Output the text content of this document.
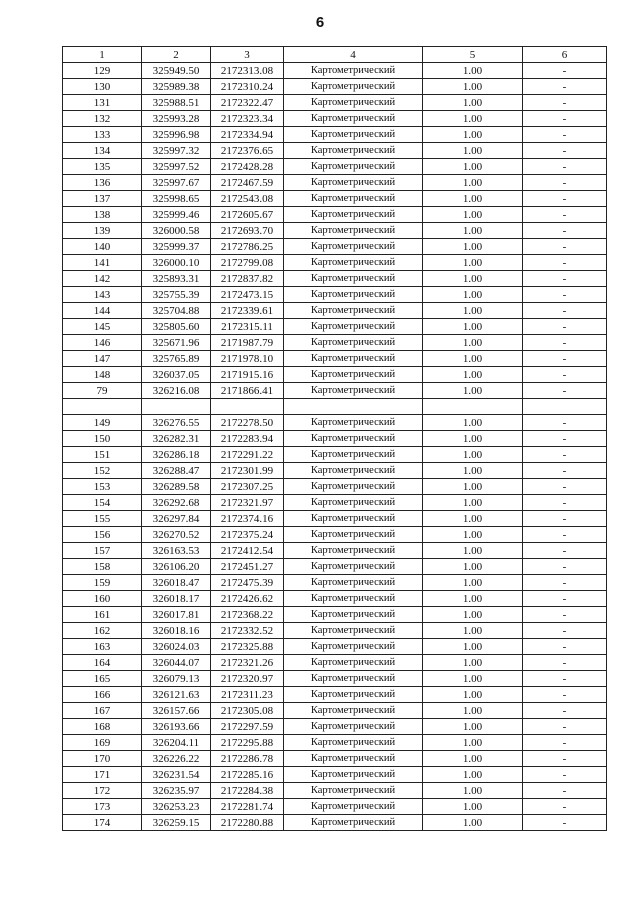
6
1	2	3	4	5	6
129	325949.50	2172313.08	Картометрический	1.00	-
130	325989.38	2172310.24	Картометрический	1.00	-
131	325988.51	2172322.47	Картометрический	1.00	-
132	325993.28	2172323.34	Картометрический	1.00	-
133	325996.98	2172334.94	Картометрический	1.00	-
134	325997.32	2172376.65	Картометрический	1.00	-
135	325997.52	2172428.28	Картометрический	1.00	-
136	325997.67	2172467.59	Картометрический	1.00	-
137	325998.65	2172543.08	Картометрический	1.00	-
138	325999.46	2172605.67	Картометрический	1.00	-
139	326000.58	2172693.70	Картометрический	1.00	-
140	325999.37	2172786.25	Картометрический	1.00	-
141	326000.10	2172799.08	Картометрический	1.00	-
142	325893.31	2172837.82	Картометрический	1.00	-
143	325755.39	2172473.15	Картометрический	1.00	-
144	325704.88	2172339.61	Картометрический	1.00	-
145	325805.60	2172315.11	Картометрический	1.00	-
146	325671.96	2171987.79	Картометрический	1.00	-
147	325765.89	2171978.10	Картометрический	1.00	-
148	326037.05	2171915.16	Картометрический	1.00	-
79	326216.08	2171866.41	Картометрический	1.00	-

149	326276.55	2172278.50	Картометрический	1.00	-
150	326282.31	2172283.94	Картометрический	1.00	-
151	326286.18	2172291.22	Картометрический	1.00	-
152	326288.47	2172301.99	Картометрический	1.00	-
153	326289.58	2172307.25	Картометрический	1.00	-
154	326292.68	2172321.97	Картометрический	1.00	-
155	326297.84	2172374.16	Картометрический	1.00	-
156	326270.52	2172375.24	Картометрический	1.00	-
157	326163.53	2172412.54	Картометрический	1.00	-
158	326106.20	2172451.27	Картометрический	1.00	-
159	326018.47	2172475.39	Картометрический	1.00	-
160	326018.17	2172426.62	Картометрический	1.00	-
161	326017.81	2172368.22	Картометрический	1.00	-
162	326018.16	2172332.52	Картометрический	1.00	-
163	326024.03	2172325.88	Картометрический	1.00	-
164	326044.07	2172321.26	Картометрический	1.00	-
165	326079.13	2172320.97	Картометрический	1.00	-
166	326121.63	2172311.23	Картометрический	1.00	-
167	326157.66	2172305.08	Картометрический	1.00	-
168	326193.66	2172297.59	Картометрический	1.00	-
169	326204.11	2172295.88	Картометрический	1.00	-
170	326226.22	2172286.78	Картометрический	1.00	-
171	326231.54	2172285.16	Картометрический	1.00	-
172	326235.97	2172284.38	Картометрический	1.00	-
173	326253.23	2172281.74	Картометрический	1.00	-
174	326259.15	2172280.88	Картометрический	1.00	-
